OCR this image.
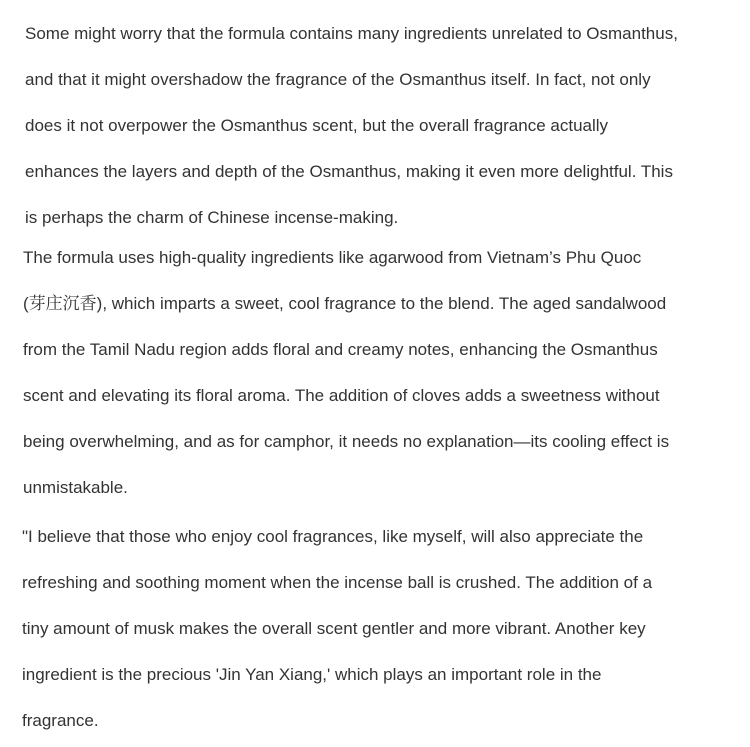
Some might worry that the formula contains many ingredients unrelated to Osmanthus,
and that it might overshadow the fragrance of the Osmanthus itself. In fact, not only
does it not overpower the Osmanthus scent, but the overall fragrance actually
enhances the layers and depth of the Osmanthus, making it even more delightful. This
is perhaps the charm of Chinese incense-making.

The formula uses high-quality ingredients like agarwood from Vietnam’s Phu Quoc
(芽庄沉香), which imparts a sweet, cool fragrance to the blend. The aged sandalwood
from the Tamil Nadu region adds floral and creamy notes, enhancing the Osmanthus
scent and elevating its floral aroma. The addition of cloves adds a sweetness without
being overwhelming, and as for camphor, it needs no explanation—its cooling effect is
unmistakable.

"I believe that those who enjoy cool fragrances, like myself, will also appreciate the
refreshing and soothing moment when the incense ball is crushed. The addition of a
tiny amount of musk makes the overall scent gentler and more vibrant. Another key
ingredient is the precious 'Jin Yan Xiang,' which plays an important role in the
fragrance.
